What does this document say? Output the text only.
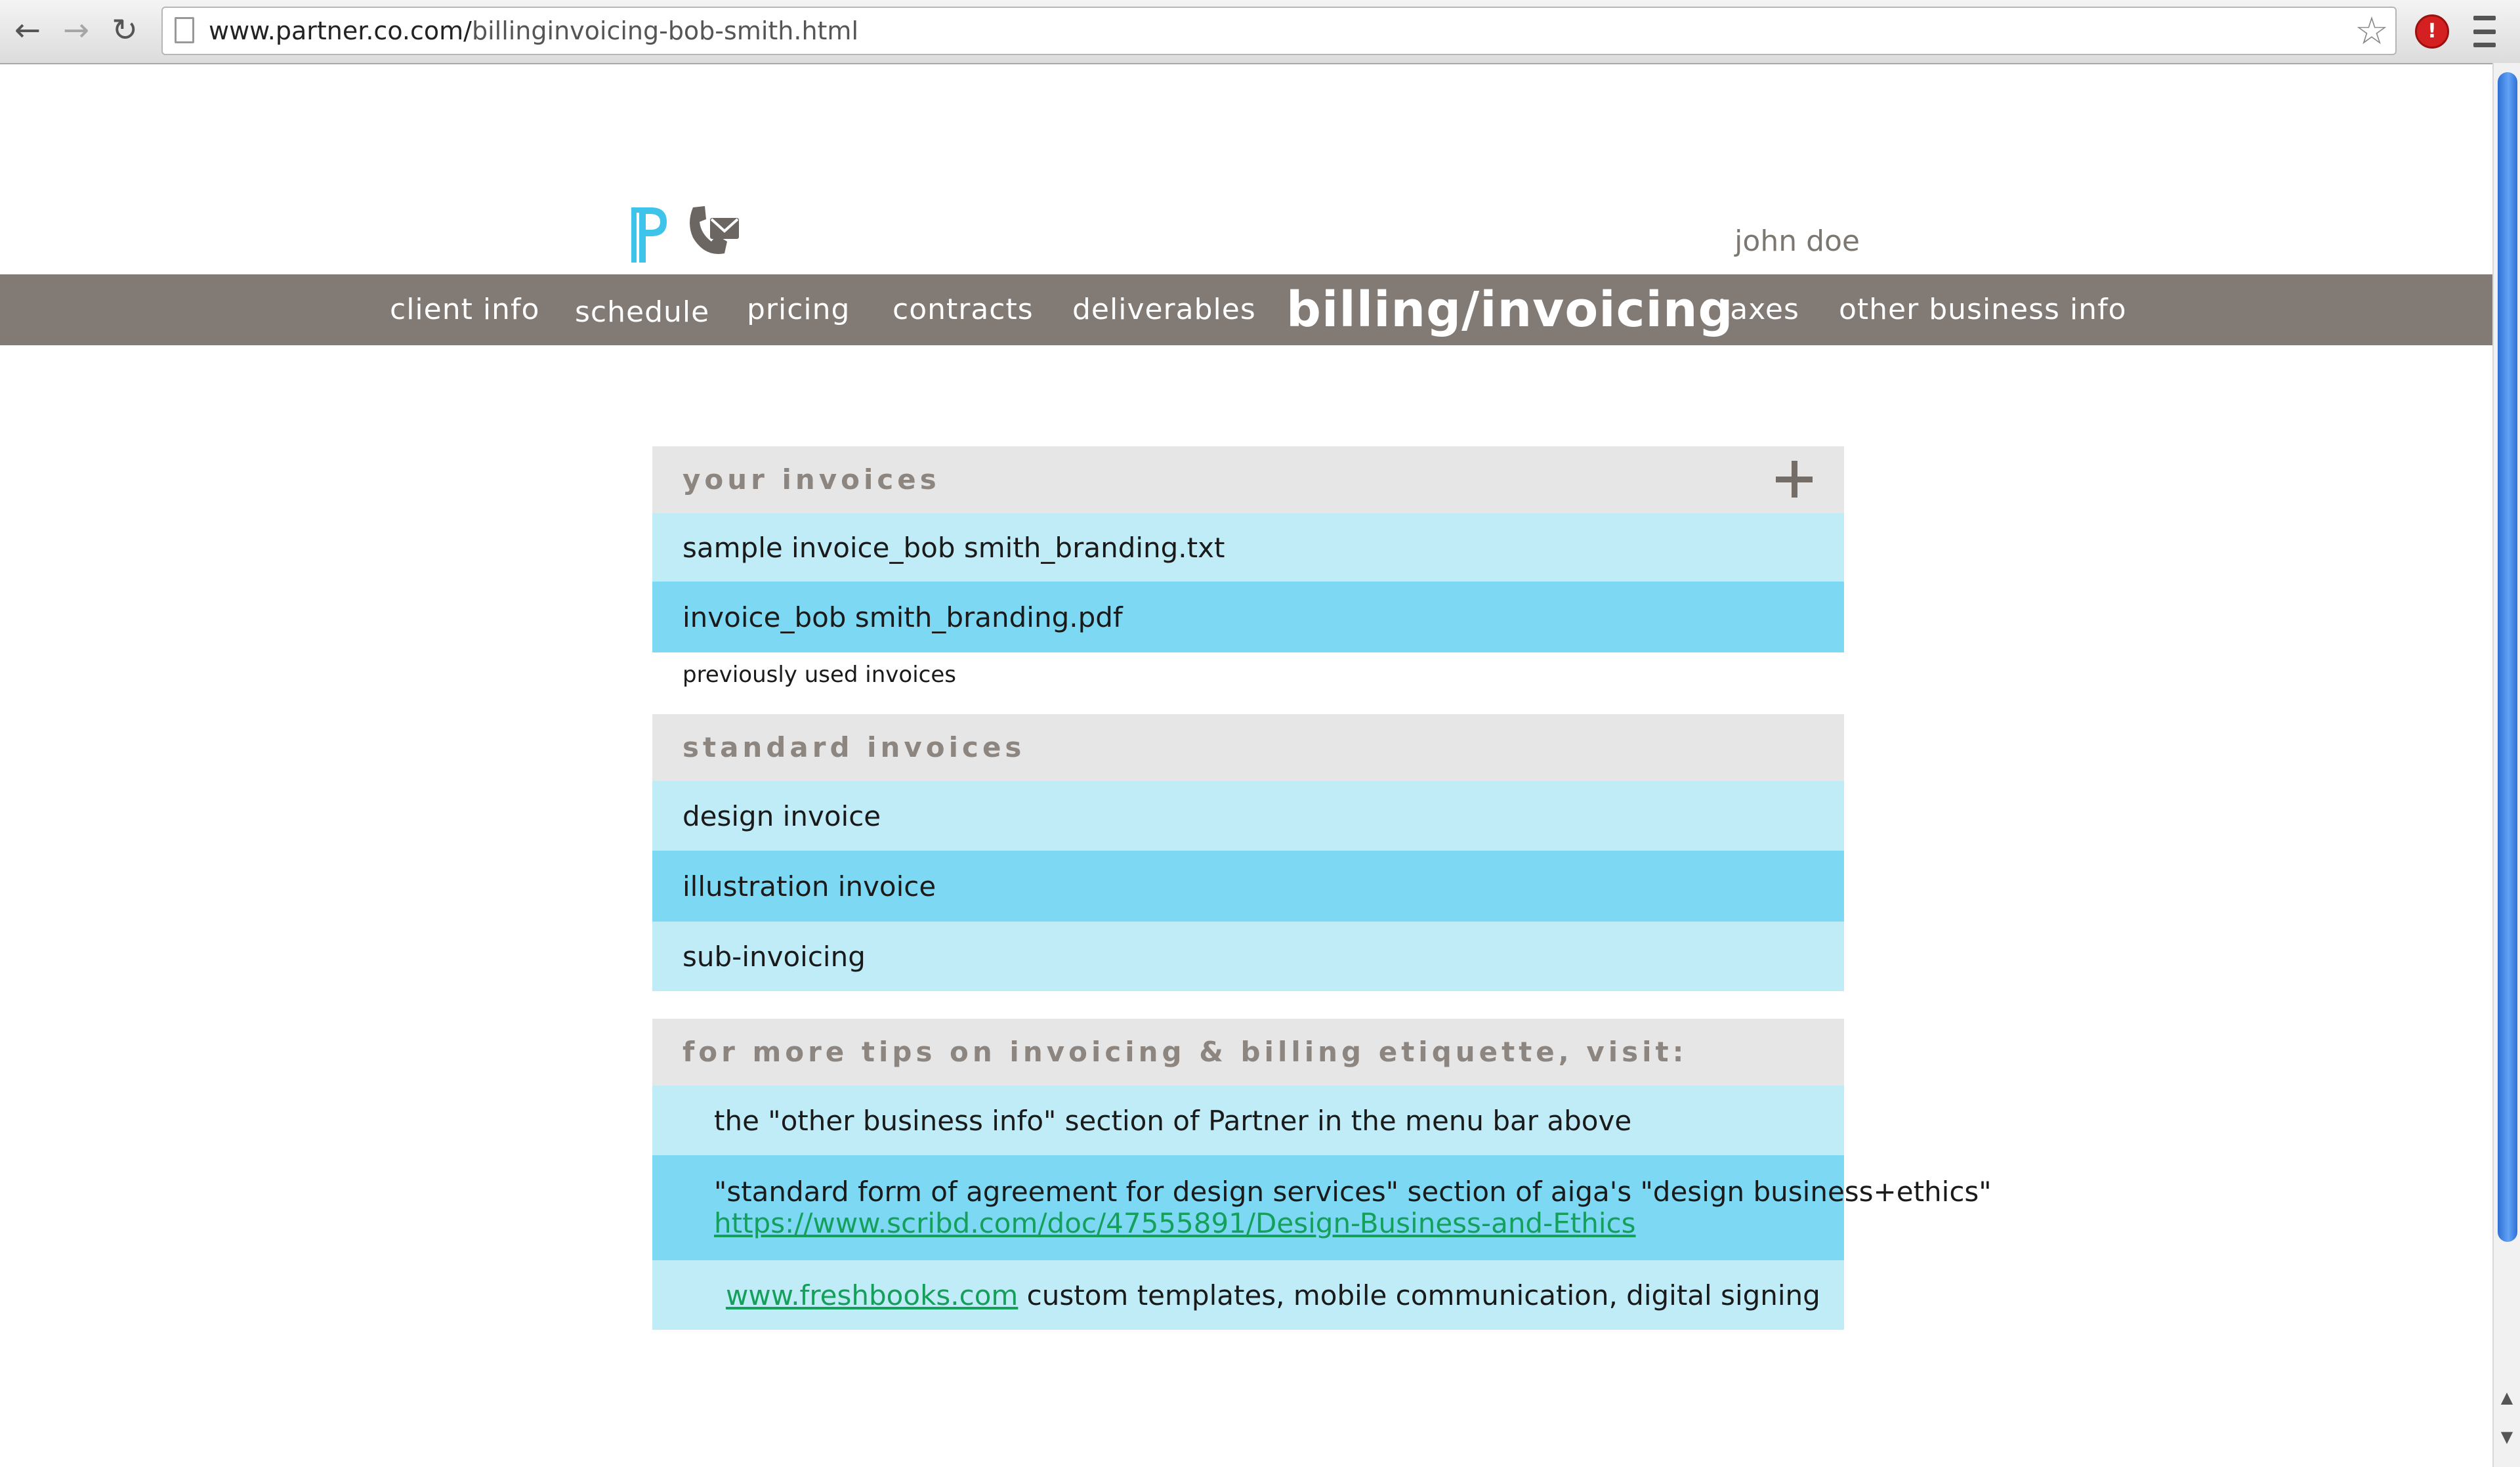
← → ↻	www.partner.co.com/billinginvoicing-bob-smith.html	☆	!
▲
▼
john doe
client info schedule pricing contracts deliverables billing/invoicing
taxes other business info
your invoices
sample invoice_bob smith_branding.txt
invoice_bob smith_branding.pdf
previously used invoices
standard invoices
design invoice
illustration invoice
sub-invoicing
for more tips on invoicing & billing etiquette, visit:
the "other business info" section of Partner in the menu bar above
"standard form of agreement for design services" section of aiga's "design business+ethics"
https://www.scribd.com/doc/47555891/Design-Business-and-Ethics
www.freshbooks.com custom templates, mobile communication, digital signing
